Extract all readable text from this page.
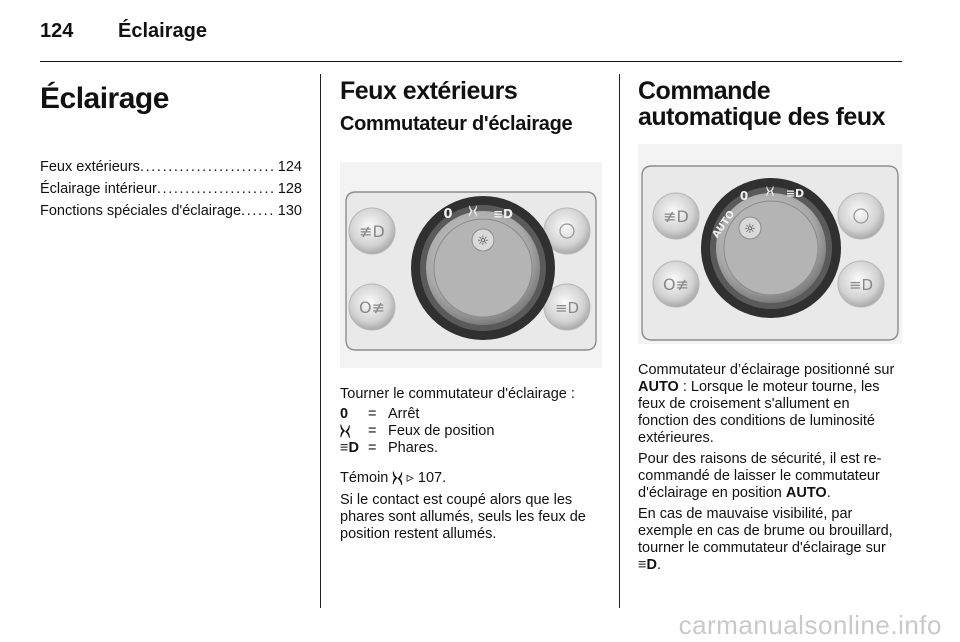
124 Éclairage
Éclairage
Feux extérieurs . . .	124
Éclairage intérieur . . .	128
Fonctions spéciales d'éclairage . . .	130
Feux extérieurs
Commutateur d'éclairage
≢D
O≢	≡D
☼
0 ⧽⧼ ≡D

Tourner le commutateur d'éclairage :

0	= Arrêt
⧽⧼	= Feux de position
≡D = Phares.

Témoin ⧽⧼ ▹ 107.

Si le contact est coupé alors que les phares sont allumés, seuls les feux de position restent allumés.

Commande automatique des feux
≢D
O≢	≡D
☼
AUTO
0 ⧽⧼ ≡D

Commutateur d’éclairage positionné sur AUTO : Lorsque le moteur tourne, les feux de croisement s'allument en fonction des conditions de luminosité extérieures.

Pour des raisons de sécurité, il est recommandé de laisser le commutateur d'éclairage en position AUTO.

En cas de mauvaise visibilité, par exemple en cas de brume ou brouillard, tourner le commutateur d'éclairage sur ≡D.

carmanualsonline.info
